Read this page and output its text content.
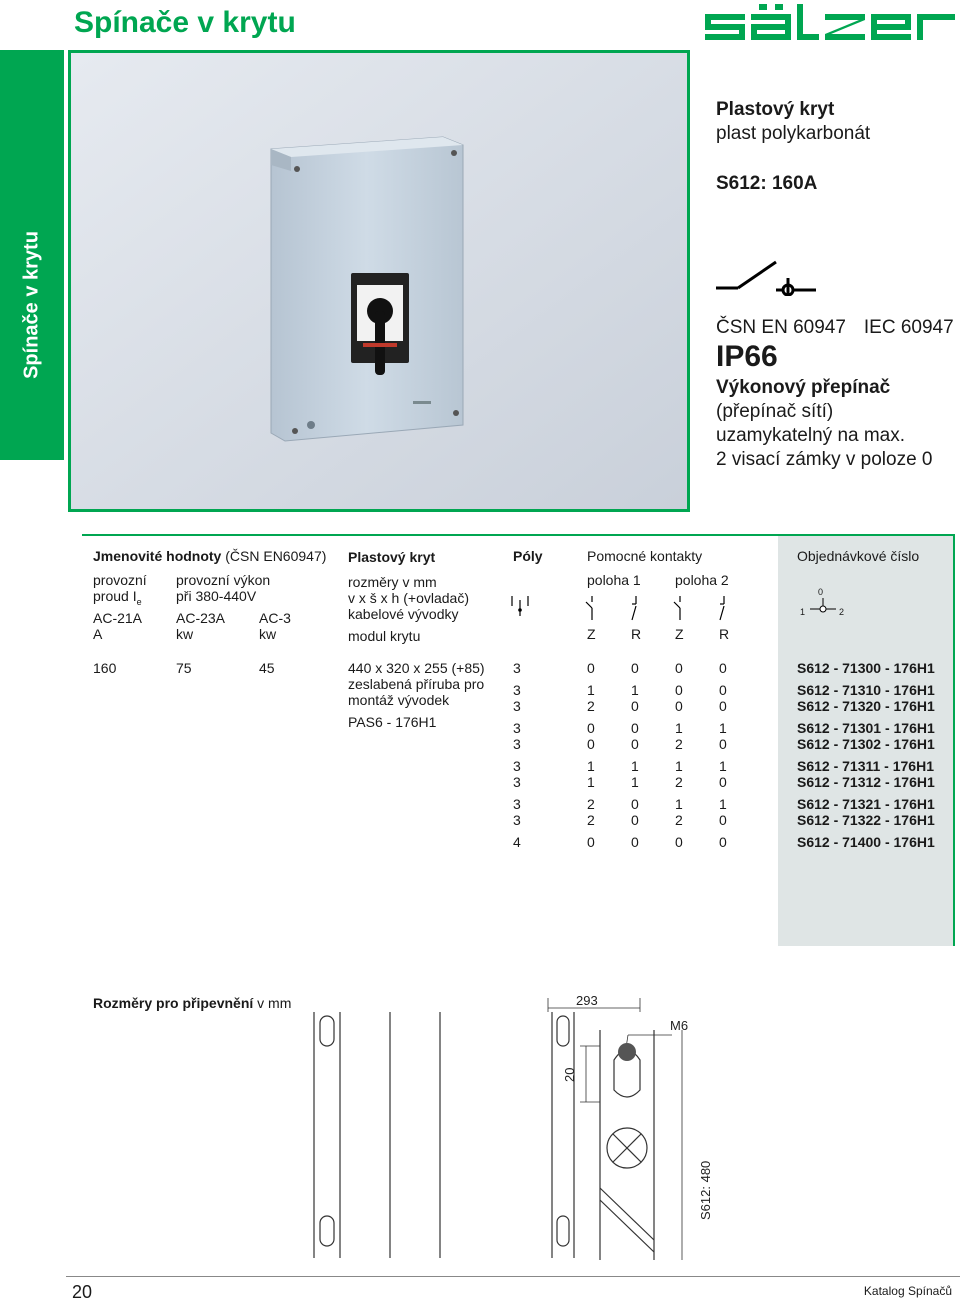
Spínače v krytu
Spínače v krytu
Plastový kryt
plast polykarbonát
S612: 160A
ČSN EN 60947 IEC 60947
IP66
Výkonový přepínač
(přepínač sítí)
uzamykatelný na max.
2 visací zámky v poloze 0
Jmenovité hodnoty (ČSN EN60947) Plastový kryt	Póly	Pomocné kontakty	Objednávkové číslo
provozní
proud $I_e$
provozní výkon
při 380-440V
AC-21A AC-23A AC-3
A	kw	kw
rozměry v mm
v x š x h (+ovladač)
kabelové vývodky
modul krytu
poloha 1 poloha 2
Z	R Z	R
0
1	2
160	75	45	440 x 320 x 255 (+85)
zeslabená příruba pro
montáž vývodek
PAS6 - 176H1
3	0	0	0	0	S612 - 71300 - 176H1
3	1	1	0	0	S612 - 71310 - 176H1
3	2	0	0	0	S612 - 71320 - 176H1
3	0	0	1	1	S612 - 71301 - 176H1
3	0	0	2	0	S612 - 71302 - 176H1
3	1	1	1	1	S612 - 71311 - 176H1
3	1	1	2	0	S612 - 71312 - 176H1
3	2	0	1	1	S612 - 71321 - 176H1
3	2	0	2	0	S612 - 71322 - 176H1
4	0	0	0	0	S612 - 71400 - 176H1
Rozměry pro připevnění v mm	293
M6
20
S612: 480
20	Katalog Spínačů
